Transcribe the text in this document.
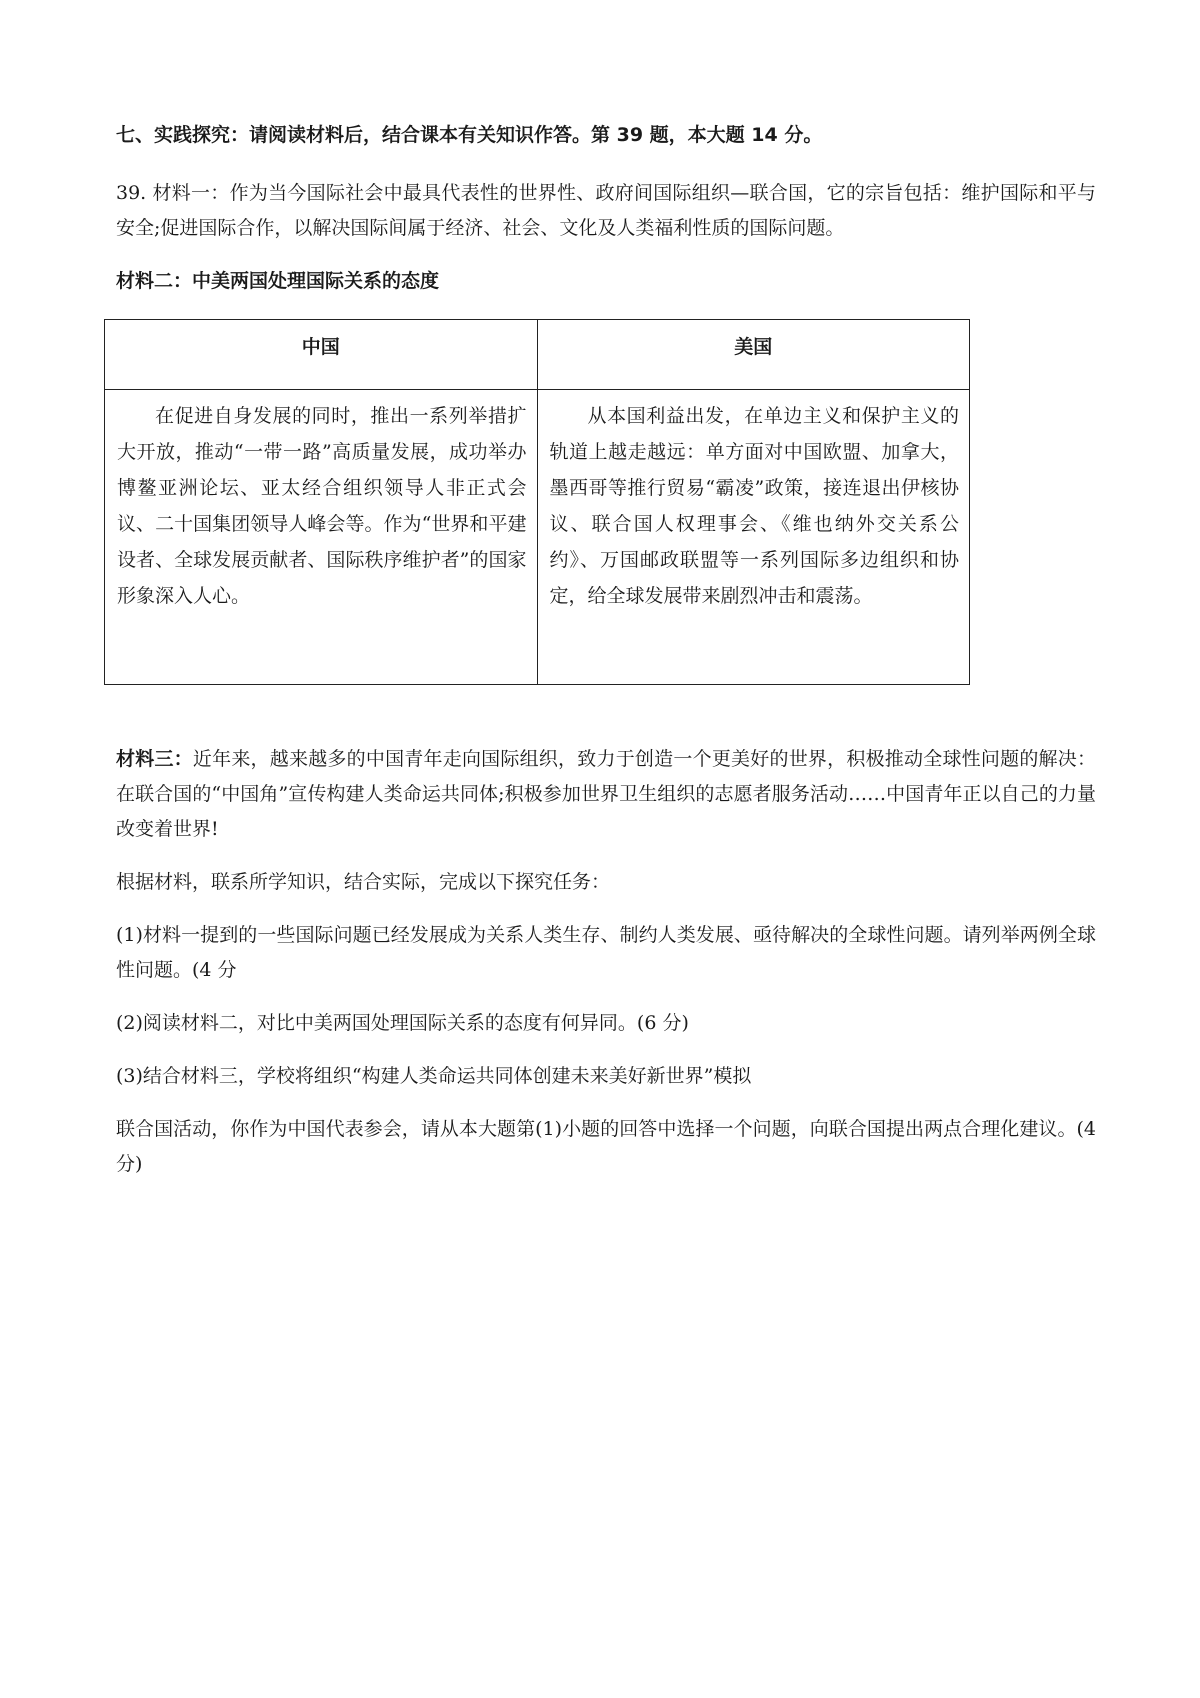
七、实践探究：请阅读材料后，结合课本有关知识作答。第 39 题，本大题 14 分。

39. 材料一：作为当今国际社会中最具代表性的世界性、政府间国际组织—联合国，它的宗旨包括：维护国际和平与安全;促进国际合作，以解决国际间属于经济、社会、文化及人类福利性质的国际问题。

材料二：中美两国处理国际关系的态度

中国	美国
在促进自身发展的同时，推出一系列举措扩大开放，推动“一带一路”高质量发展，成功举办博鳌亚洲论坛、亚太经合组织领导人非正式会议、二十国集团领导人峰会等。作为“世界和平建设者、全球发展贡献者、国际秩序维护者”的国家形象深入人心。	从本国利益出发，在单边主义和保护主义的轨道上越走越远：单方面对中国欧盟、加拿大，墨西哥等推行贸易“霸凌”政策，接连退出伊核协议、联合国人权理事会、《维也纳外交关系公约》、万国邮政联盟等一系列国际多边组织和协定，给全球发展带来剧烈冲击和震荡。

材料三：近年来，越来越多的中国青年走向国际组织，致力于创造一个更美好的世界，积极推动全球性问题的解决：在联合国的“中国角”宣传构建人类命运共同体;积极参加世界卫生组织的志愿者服务活动……中国青年正以自己的力量改变着世界!

根据材料，联系所学知识，结合实际，完成以下探究任务：

(1)材料一提到的一些国际问题已经发展成为关系人类生存、制约人类发展、亟待解决的全球性问题。请列举两例全球性问题。(4 分

(2)阅读材料二，对比中美两国处理国际关系的态度有何异同。(6 分)

(3)结合材料三，学校将组织“构建人类命运共同体创建未来美好新世界”模拟

联合国活动，你作为中国代表参会，请从本大题第(1)小题的回答中选择一个问题，向联合国提出两点合理化建议。(4 分)
